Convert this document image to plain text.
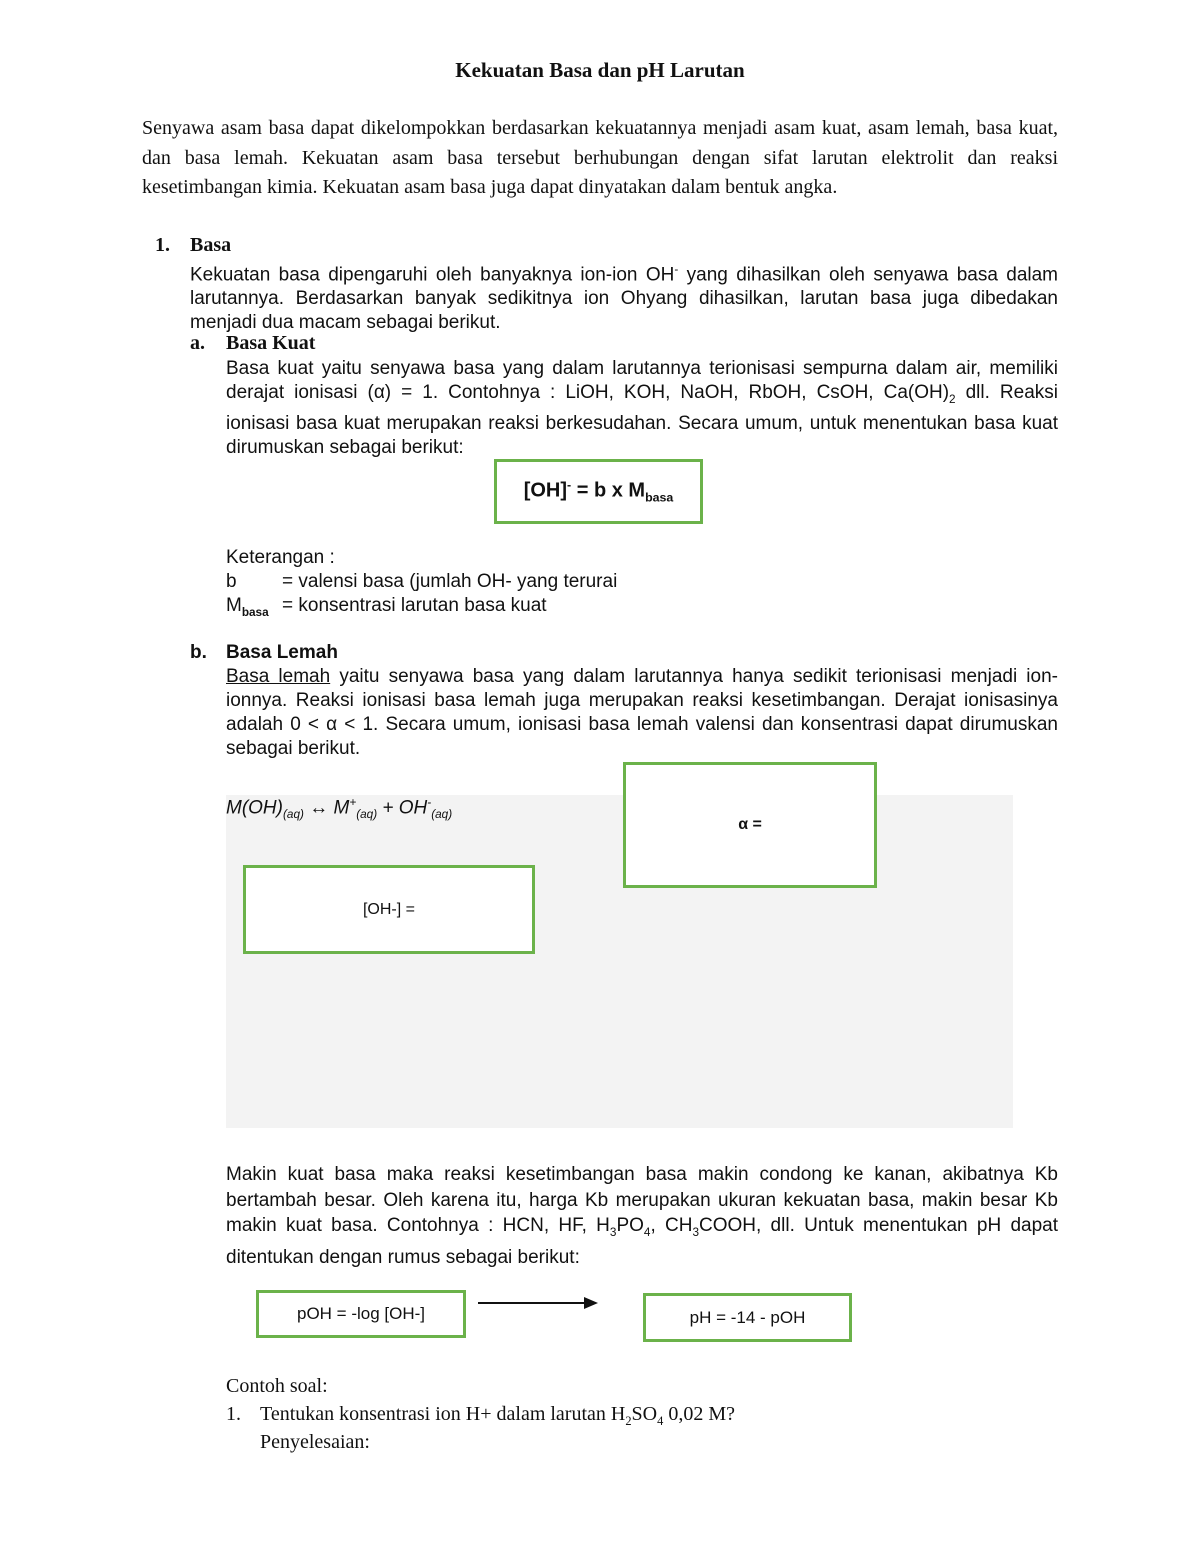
Kekuatan Basa dan pH Larutan
Senyawa asam basa dapat dikelompokkan berdasarkan kekuatannya menjadi asam kuat, asam lemah, basa kuat, dan basa lemah. Kekuatan asam basa tersebut berhubungan dengan sifat larutan elektrolit dan reaksi kesetimbangan kimia. Kekuatan asam basa juga dapat dinyatakan dalam bentuk angka.
1. Basa
Kekuatan basa dipengaruhi oleh banyaknya ion-ion OH- yang dihasilkan oleh senyawa basa dalam larutannya. Berdasarkan banyak sedikitnya ion Ohyang dihasilkan, larutan basa juga dibedakan menjadi dua macam sebagai berikut.
a. Basa Kuat
Basa kuat yaitu senyawa basa yang dalam larutannya terionisasi sempurna dalam air, memiliki derajat ionisasi (α) = 1. Contohnya : LiOH, KOH, NaOH, RbOH, CsOH, $Ca(OH)_2$ dll. Reaksi ionisasi basa kuat merupakan reaksi berkesudahan. Secara umum, untuk menentukan basa kuat dirumuskan sebagai berikut:
[OH]- = b x $M_{basa}$
Keterangan :
b = valensi basa (jumlah OH- yang terurai
$M_{basa}$ = konsentrasi larutan basa kuat
b. Basa Lemah
Basa lemah yaitu senyawa basa yang dalam larutannya hanya sedikit terionisasi menjadi ion-ionnya. Reaksi ionisasi basa lemah juga merupakan reaksi kesetimbangan. Derajat ionisasinya adalah 0 < α < 1. Secara umum, ionisasi basa lemah valensi dan konsentrasi dapat dirumuskan sebagai berikut.
$M(OH)_{(aq)}$ ↔ $M^+_{(aq)} + OH^-_{(aq)}$
α =
[OH-] =
Makin kuat basa maka reaksi kesetimbangan basa makin condong ke kanan, akibatnya Kb bertambah besar. Oleh karena itu, harga Kb merupakan ukuran kekuatan basa, makin besar Kb makin kuat basa. Contohnya : HCN, HF, $H_3PO_4$, $CH_3COOH$, dll. Untuk menentukan pH dapat ditentukan dengan rumus sebagai berikut:
pOH = -log [OH-]	pH = -14 - pOH
Contoh soal:
1. Tentukan konsentrasi ion H+ dalam larutan $H_2SO_4$ 0,02 M?
Penyelesaian:
